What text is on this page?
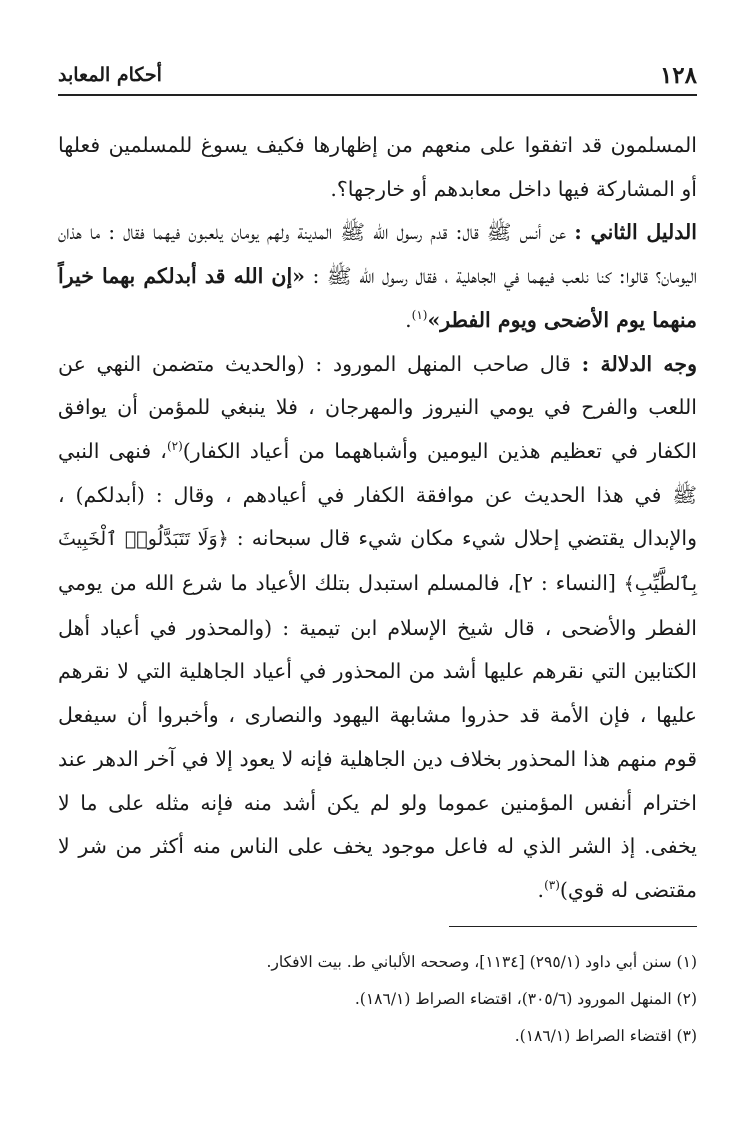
١٢٨
أحكام المعابد

المسلمون قد اتفقوا على منعهم من إظهارها فكيف يسوغ للمسلمين فعلها أو المشاركة فيها داخل معابدهم أو خارجها؟.

الدليل الثاني : عن أنس ﷺ قال: قدم رسول الله ﷺ المدينة ولهم يومان يلعبون فيهما فقال : ما هذان اليومان؟ قالوا: كنا نلعب فيهما في الجاهلية ، فقال رسول الله ﷺ : «إن الله قد أبدلكم بهما خيراً منهما يوم الأضحى ويوم الفطر»$^{(١)}$.

وجه الدلالة : قال صاحب المنهل المورود : (والحديث متضمن النهي عن اللعب والفرح في يومي النيروز والمهرجان ، فلا ينبغي للمؤمن أن يوافق الكفار في تعظيم هذين اليومين وأشباههما من أعياد الكفار)$^{(٢)}$، فنهى النبي ﷺ في هذا الحديث عن موافقة الكفار في أعيادهم ، وقال : (أبدلكم) ، والإبدال يقتضي إحلال شيء مكان شيء قال سبحانه : ﴿وَلَا تَتَبَدَّلُوا۟ ٱلْخَبِيثَ بِٱلطَّيِّبِ﴾ [النساء : ٢]، فالمسلم استبدل بتلك الأعياد ما شرع الله من يومي الفطر والأضحى ، قال شيخ الإسلام ابن تيمية : (والمحذور في أعياد أهل الكتابين التي نقرهم عليها أشد من المحذور في أعياد الجاهلية التي لا نقرهم عليها ، فإن الأمة قد حذروا مشابهة اليهود والنصارى ، وأخبروا أن سيفعل قوم منهم هذا المحذور بخلاف دين الجاهلية فإنه لا يعود إلا في آخر الدهر عند اخترام أنفس المؤمنين عموما ولو لم يكن أشد منه فإنه مثله على ما لا يخفى. إذ الشر الذي له فاعل موجود يخف على الناس منه أكثر من شر لا مقتضى له قوي)$^{(٣)}$.

(١) سنن أبي داود (٢٩٥/١) [١١٣٤]، وصححه الألباني ط. بيت الافكار.

(٢) المنهل المورود (٣٠٥/٦)، اقتضاء الصراط (١٨٦/١).

(٣) اقتضاء الصراط (١٨٦/١).
